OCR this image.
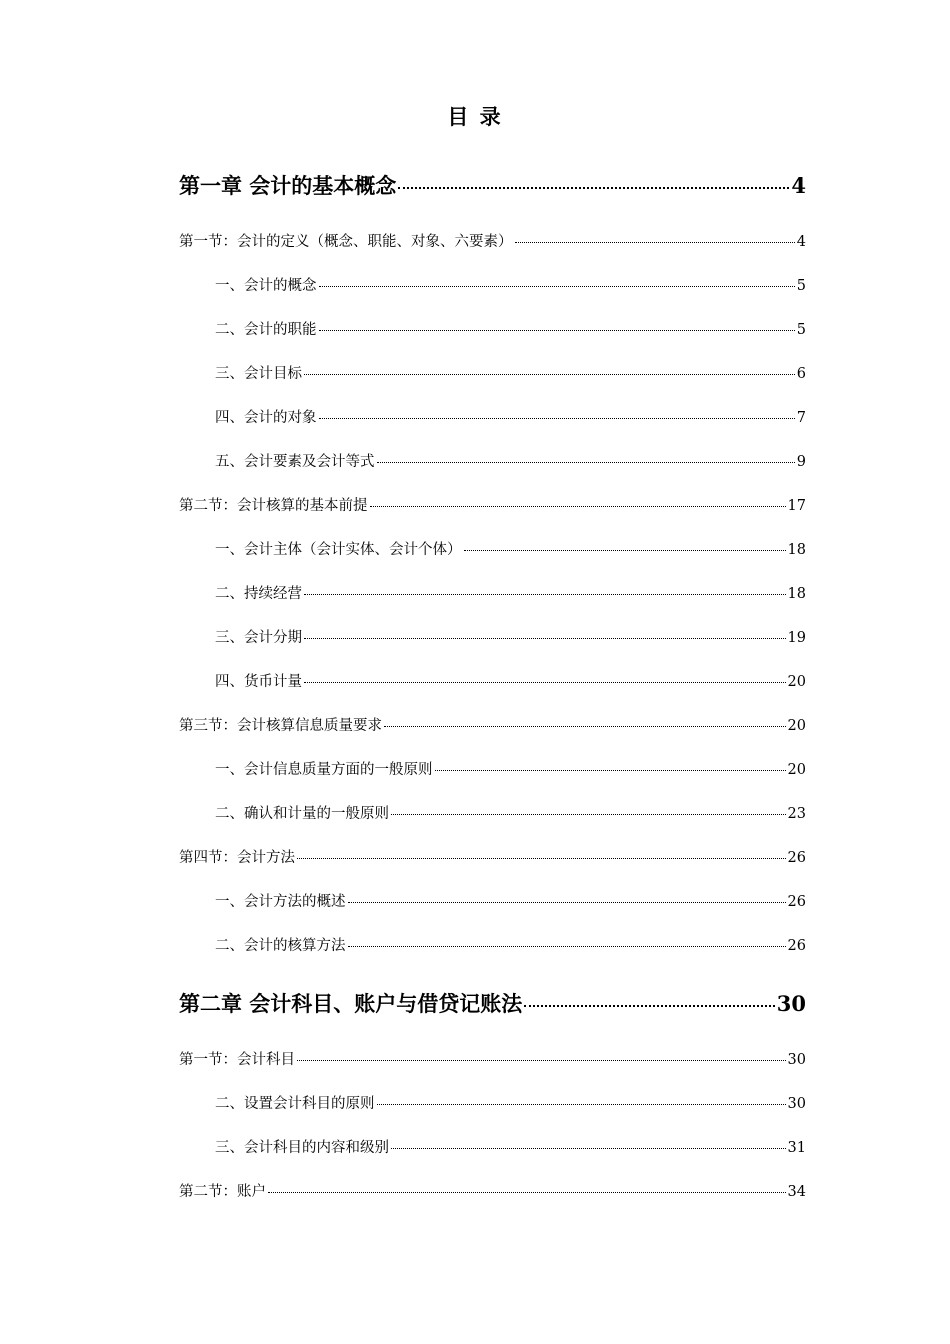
目 录
第一章 会计的基本概念	4
第一节：会计的定义（概念、职能、对象、六要素）	4
一、会计的概念	5
二、会计的职能	5
三、会计目标	6
四、会计的对象	7
五、会计要素及会计等式	9
第二节：会计核算的基本前提	17
一、会计主体（会计实体、会计个体）	18
二、持续经营	18
三、会计分期	19
四、货币计量	20
第三节：会计核算信息质量要求	20
一、会计信息质量方面的一般原则	20
二、确认和计量的一般原则	23
第四节：会计方法	26
一、会计方法的概述	26
二、会计的核算方法	26
第二章 会计科目、账户与借贷记账法	30
第一节：会计科目	30
二、设置会计科目的原则	30
三、会计科目的内容和级别	31
第二节：账户	34
